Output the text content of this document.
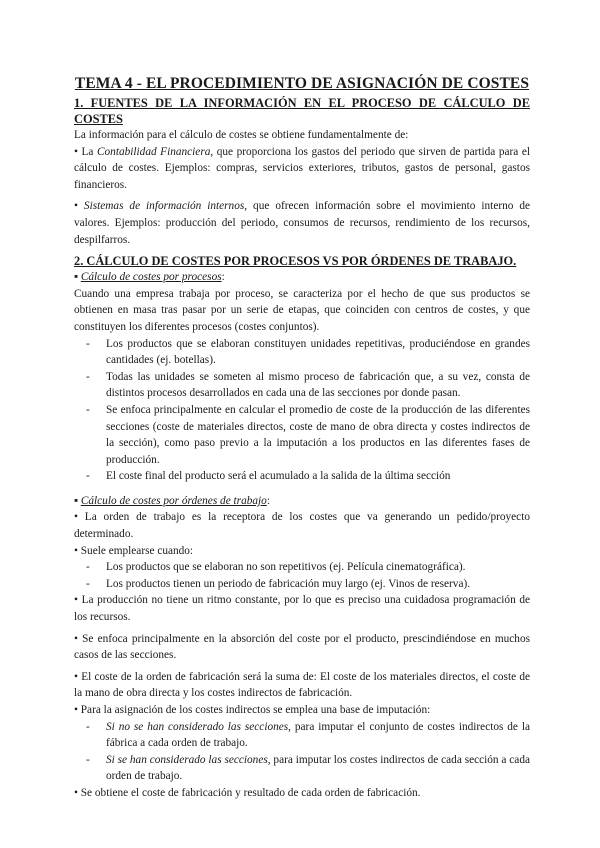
TEMA 4 - EL PROCEDIMIENTO DE ASIGNACIÓN DE COSTES
1. FUENTES DE LA INFORMACIÓN EN EL PROCESO DE CÁLCULO DE COSTES

La información para el cálculo de costes se obtiene fundamentalmente de:

• La Contabilidad Financiera, que proporciona los gastos del periodo que sirven de partida para el cálculo de costes. Ejemplos: compras, servicios exteriores, tributos, gastos de personal, gastos financieros.

• Sistemas de información internos, que ofrecen información sobre el movimiento interno de valores. Ejemplos: producción del periodo, consumos de recursos, rendimiento de los recursos, despilfarros.

2. CÁLCULO DE COSTES POR PROCESOS VS POR ÓRDENES DE TRABAJO.

▪ Cálculo de costes por procesos:

Cuando una empresa trabaja por proceso, se caracteriza por el hecho de que sus productos se obtienen en masa tras pasar por un serie de etapas, que coinciden con centros de costes, y que constituyen los diferentes procesos (costes conjuntos).

- Los productos que se elaboran constituyen unidades repetitivas, produciéndose en grandes cantidades (ej. botellas).
- Todas las unidades se someten al mismo proceso de fabricación que, a su vez, consta de distintos procesos desarrollados en cada una de las secciones por donde pasan.
- Se enfoca principalmente en calcular el promedio de coste de la producción de las diferentes secciones (coste de materiales directos, coste de mano de obra directa y costes indirectos de la sección), como paso previo a la imputación a los productos en las diferentes fases de producción.
- El coste final del producto será el acumulado a la salida de la última sección

▪ Cálculo de costes por órdenes de trabajo:

• La orden de trabajo es la receptora de los costes que va generando un pedido/proyecto determinado.

• Suele emplearse cuando:

- Los productos que se elaboran no son repetitivos (ej. Película cinematográfica).
- Los productos tienen un periodo de fabricación muy largo (ej. Vinos de reserva).

• La producción no tiene un ritmo constante, por lo que es preciso una cuidadosa programación de los recursos.

• Se enfoca principalmente en la absorción del coste por el producto, prescindiéndose en muchos casos de las secciones.

• El coste de la orden de fabricación será la suma de: El coste de los materiales directos, el coste de la mano de obra directa y los costes indirectos de fabricación.

• Para la asignación de los costes indirectos se emplea una base de imputación:

- Si no se han considerado las secciones, para imputar el conjunto de costes indirectos de la fábrica a cada orden de trabajo.
- Si se han considerado las secciones, para imputar los costes indirectos de cada sección a cada orden de trabajo.

• Se obtiene el coste de fabricación y resultado de cada orden de fabricación.
